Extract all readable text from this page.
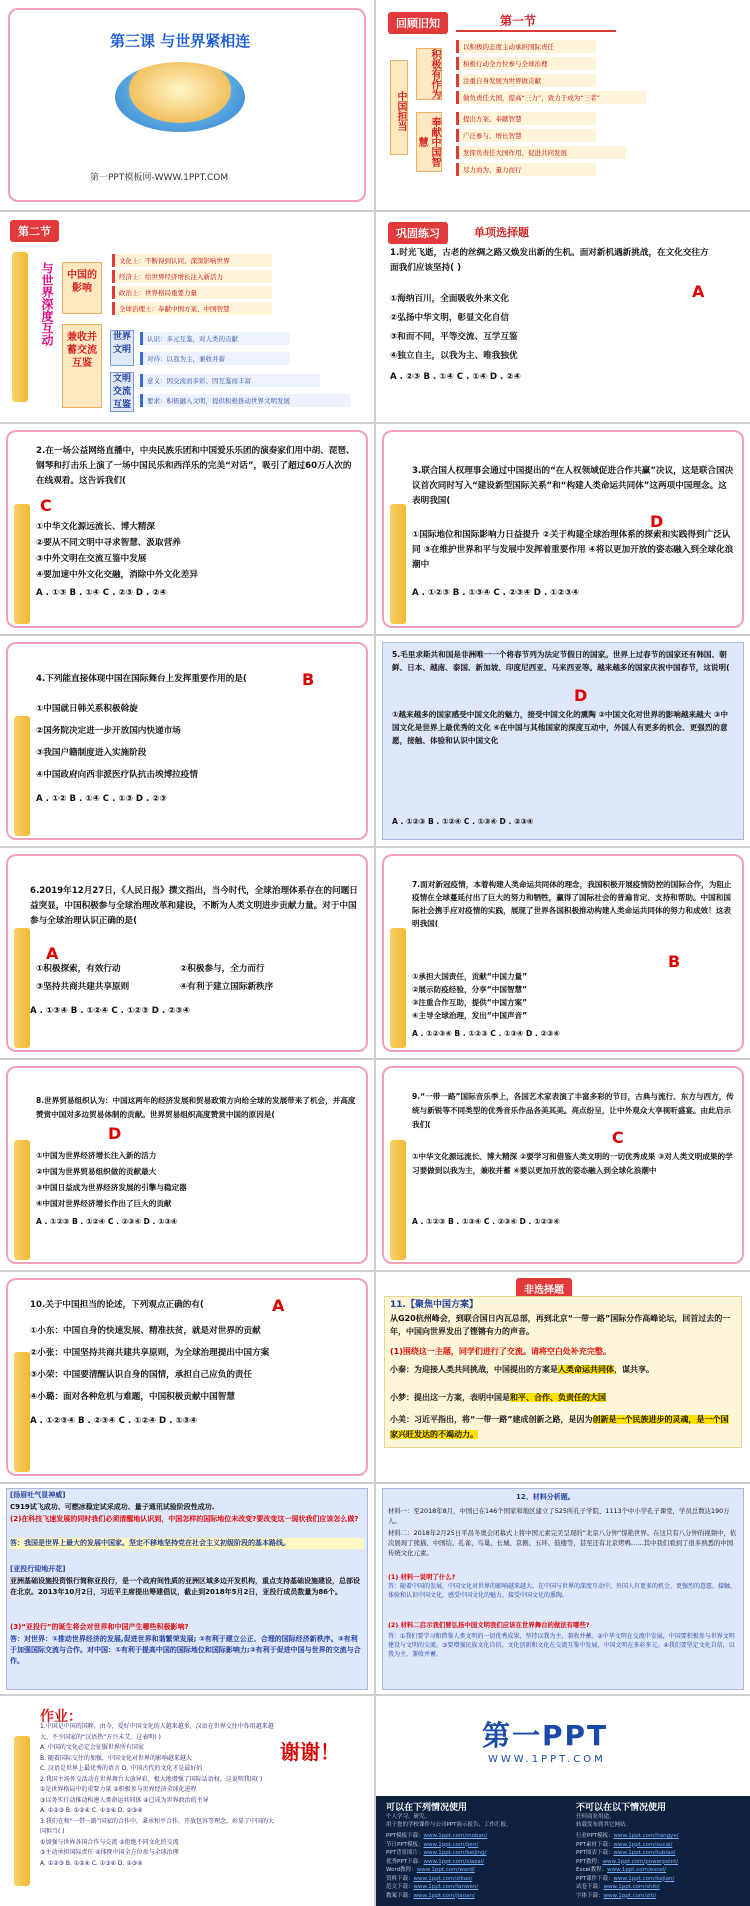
第三课 与世界紧相连
第一PPT模板网-WWW.1PPT.COM
回顾旧知	第一节
中国担当
积极有作为
奉献中国智慧
以积极的态度主动承担国际责任
积极行动全方位参与全球治理
注重自身发展为世界做贡献
做负责任大国，提高“三力”，致力于成为“三者”
提出方案、奉献智慧
广泛参与、增长智慧
发挥负责任大国作用、促进共同发展
尽力而为、量力而行
第二节
与世界深度互动	中国的影响
兼收并蓄交流互鉴
世界文明
文明交流互鉴
文化上：不断得到认同、深深影响世界
经济上：给世界经济增长注入新活力
政治上：世界格局重要力量
全球治理上：奉献中国方案、中国智慧
认识：多元互鉴，对人类的贡献
对待：以我为主，兼收并蓄
意义：因交流而多彩、因互鉴而丰富
要求：积极融入文明，提供积极推动世界文明发展
巩固练习	单项选择题
1.时光飞逝，古老的丝绸之路又焕发出新的生机。面对新机遇新挑战，在文化交往方面我们应该坚持( )
A
①海纳百川，全面吸收外来文化
②弘扬中华文明，彰显文化自信
③和而不同，平等交流、互学互鉴
④独立自主，以我为主、唯我独优
A . ②③ B . ①④ C . ①④ D . ②④
2.在一场公益网络直播中，中央民族乐团和中国爱乐乐团的演奏家们用中胡、琵琶、钢琴和打击乐上演了一场中国民乐和西洋乐的完美“对话”，吸引了超过60万人次的在线观看。这告诉我们(
C
①中华文化源远流长、博大精深
②要从不同文明中寻求智慧、汲取营养
③中外文明在交流互鉴中发展
④要加速中外文化交融，消除中外文化差异
A . ①③ B . ①④ C . ②③ D . ②④
3.联合国人权理事会通过中国提出的“在人权领域促进合作共赢”决议，这是联合国决议首次同时写入“建设新型国际关系”和“构建人类命运共同体”这两项中国理念。这表明我国(
D
①国际地位和国际影响力日益提升 ②关于构建全球治理体系的探索和实践得到广泛认同 ③在维护世界和平与发展中发挥着重要作用 ④将以更加开放的姿态融入到全球化浪潮中
A . ①②③ B . ①③④ C . ②③④ D . ①②③④
4.下列能直接体现中国在国际舞台上发挥重要作用的是(	B
①中国就日韩关系积极斡旋
②国务院决定进一步开放国内快递市场
③我国户籍制度进入实施阶段
④中国政府向西非派医疗队抗击埃博拉疫情
A . ①② B . ①④ C . ①③ D . ②③
5.毛里求斯共和国是非洲唯一一个将春节列为法定节假日的国家。世界上过春节的国家还有韩国、朝鲜、日本、越南、泰国、新加坡、印度尼西亚、马来西亚等。越来越多的国家庆祝中国春节，这说明(
D
①越来越多的国家感受中国文化的魅力，接受中国文化的熏陶 ②中国文化对世界的影响越来越大 ③中国文化是世界上最优秀的文化 ④在中国与其他国家的深度互动中，外国人有更多的机会、更强烈的意愿，接触、体验和认识中国文化
A . ①②③ B . ①②④ C . ①③④ D . ②③④
6.2019年12月27日，《人民日报》撰文指出，当今时代，全球治理体系存在的问题日益突显，中国积极参与全球治理改革和建设，不断为人类文明进步贡献力量。对于中国参与全球治理认识正确的是(
A
①积极探索，有效行动	②积极参与，全力而行
③坚持共商共建共享原则	④有利于建立国际新秩序
A . ①③④ B . ①②④ C . ①②③ D . ②③④
7.面对新冠疫情，本着构建人类命运共同体的理念，我国积极开展疫情防控的国际合作，为阻止疫情在全球蔓延付出了巨大的努力和牺牲，赢得了国际社会的普遍肯定、支持和帮助。中国和国际社会携手应对疫情的实践，展现了世界各国积极推动构建人类命运共同体的努力和成效！这表明我国(
B
①承担大国责任，贡献“中国力量”
②展示防疫经验，分享“中国智慧”
③注重合作互助，提供“中国方案”
④主导全球治理，发出“中国声音”
A . ①②③④ B . ①②③ C . ①③④ D . ②③④
8.世界贸易组织认为：中国这两年的经济发展和贸易政策方向给全球的发展带来了机会，并高度赞赏中国对多边贸易体制的贡献。世界贸易组织高度赞赏中国的原因是(
D
①中国为世界经济增长注入新的活力
②中国为世界贸易组织做的贡献最大
③中国日益成为世界经济发展的引擎与稳定器
④中国对世界经济增长作出了巨大的贡献
A . ①②③ B . ①②④ C . ②③④ D . ①③④
9.“一带一路”国际音乐季上，各国艺术家表演了丰富多彩的节目，古典与流行、东方与西方，传统与新锐等不同类型的优秀音乐作品各美其美。亮点纷呈，让中外观众大享视听盛宴。由此启示我们(
C
①中华文化源远流长、博大精深 ②要学习和借鉴人类文明的一切优秀成果 ③对人类文明成果的学习要做到以我为主，兼收并蓄 ④要以更加开放的姿态融入到全球化浪潮中
A . ①②③ B . ①③④ C . ②③④ D . ①②③④
10.关于中国担当的论述，下列观点正确的有(	A
①小东：中国自身的快速发展、精准扶贫，就是对世界的贡献
②小张：中国坚持共商共建共享原则，为全球治理提出中国方案
③小荣：中国要清醒认识自身的国情，承担自己应负的责任
④小璐：面对各种危机与难题，中国积极贡献中国智慧
A . ①②③④ B . ②③④ C . ①②④ D . ①③④
非选择题
11.【聚焦中国方案】
从G20杭州峰会，到联合国日内瓦总部，再到北京“一带一路”国际分作高峰论坛，回首过去的一年，中国向世界发出了铿锵有力的声音。
(1)围绕这一主题，同学们进行了交流。请将空白处补充完整。
小秦：为迎接人类共同挑战，中国提出的方案是人类命运共同体，谋共享。
小梦：提出这一方案，表明中国是和平、合作、负责任的大国
小美：习近平指出，将“一带一路”建成创新之路，是因为创新是一个民族进步的灵魂，是一个国家兴旺发达的不竭动力。
[扬眉吐气显神威]
C919试飞成功、可燃冰稳定试采成功、量子通讯试验阶段性成功.
(2)在科技飞速发展的同时我们必须清醒地认识到，中国怎样的国际地位未改变?要改变这一现状我们应该怎么做?
答：我国是世界上最大的发展中国家。坚定不移地坚持党在社会主义初级阶段的基本路线。
[亚投行迎地开花]
亚洲基础设施投资银行简称亚投行，是一个政府间性质的亚洲区域多边开发机构，重点支持基础设施建设，总部设在北京。2013年10月2日，习近平主席提出筹建倡议，截止到2018年5月2日，亚投行成员数量为86个。
(3)“亚投行”的诞生将会对世界和中国产生哪些积极影响?
答：对世界：①推动世界经济的发展,促进世界和谐繁荣发展; ②有利于建立公正、合理的国际经济新秩序。③有利于加强国际交流与合作。对中国：①有利于提高中国的国际地位和国际影响力;②有利于促进中国与世界的交流与合作。
12、材料分析题。
材料一：至2018年8月，中国已在146个国家和地区建立了525所孔子学院、1113个中小学孔子课堂，学员总数达190万人。
材料二：2018年2月25日平昌冬奥会闭幕式上将中国元素完美呈现的“北京八分钟”惊艳世界。在这只有八分钟的视频中，依次展现了熊猫、中国结、孔雀、鸟巢、长城、京剧、五环、鼓楼等，甚至还有北京烤鸭……其中我们看到了很多熟悉的中国传统文化元素。
(1) 材料一说明了什么?
答：随着中国的发展，中国文化对世界的影响越来越大。在中国与世界的深度互动中，外国人有更多的机会，更强烈的意愿，接触、体验和认识中国文化，感受中国文化的魅力，接受中国文化的熏陶。
(2) 材料二启示我们要弘扬中国文明我们应该在世界舞台的做法有哪些?
答：①我们要学习和借鉴人类文明的一切优秀成果，坚持以我为主，兼收并蓄。②中华文明在交流中发展，中国要积极参与世界文明建设与文明的交流。③要增强民族文化自信、文化创新和文化在交流互鉴中发展，中国文明在多彩多元。④我们要坚定文化自信，以我为主、兼收并蓄。
作业：
谢谢！
1.中国是中国的国粹，由今，爱好中国文化的人越来越多，汉语在世界交往中作用越来越大，不少国家的“汉语热”方兴未艾。这表明( )
A. 中国的文化必定会征服世界所有国家
B. 随着国际交往的加强，中国文化对世界的影响越来越大
C. 汉语是世界上最优秀的语言 D. 中国古代的文化才是最好的
2.我国主场外交活动在世界舞台大放异彩，极大地增强了国际话语权。这说明我国( )
①是世界格局中的重要力量 ②积极参与世界经济全球化进程
③以务实行动推动构建人类命运共同体 ④已成为世界政治的主导
A. ①②③ B. ①②④ C. ①③④ D. ②③④
3.我们在和“一带一路”国家的合作中，秉承和平合作、开放包容等理念，彰显了中国的大国担当( )
①加强与世界各国合作与交流 ②拒绝不同文化的交流
③主动承担国际责任 ④体现中国全方位参与全球治理
A. ①②③ B. ①②④ C. ①③④ D. ②③④
第一PPT
WWW.1PPT.COM
可以在下列情况使用
个人学习、研究。
用于您的学校课件与公司PPT演示报告、工作汇报。
不可以在以下情况使用
任何商业用途。
转载发布到其它网站。
PPT模板下载：www.1ppt.com/moban/
节日PPT模板：www.1ppt.com/jieri/
PPT背景图片：www.1ppt.com/beijing/
优秀PPT下载：www.1ppt.com/xiazai/
Word教程：www.1ppt.com/word/
资料下载：www.1ppt.com/ziliao/
范文下载：www.1ppt.com/fanwen/
教案下载：www.1ppt.com/jiaoan/
行业PPT模板：www.1ppt.com/hangye/
PPT素材下载：www.1ppt.com/sucai/
PPT图表下载：www.1ppt.com/tubiao/
PPT教程：www.1ppt.com/powerpoint/
Excel教程：www.1ppt.com/excel/
PPT课件下载：www.1ppt.com/kejian/
试卷下载：www.1ppt.com/shiti/
字体下载：www.1ppt.com/ziti/
